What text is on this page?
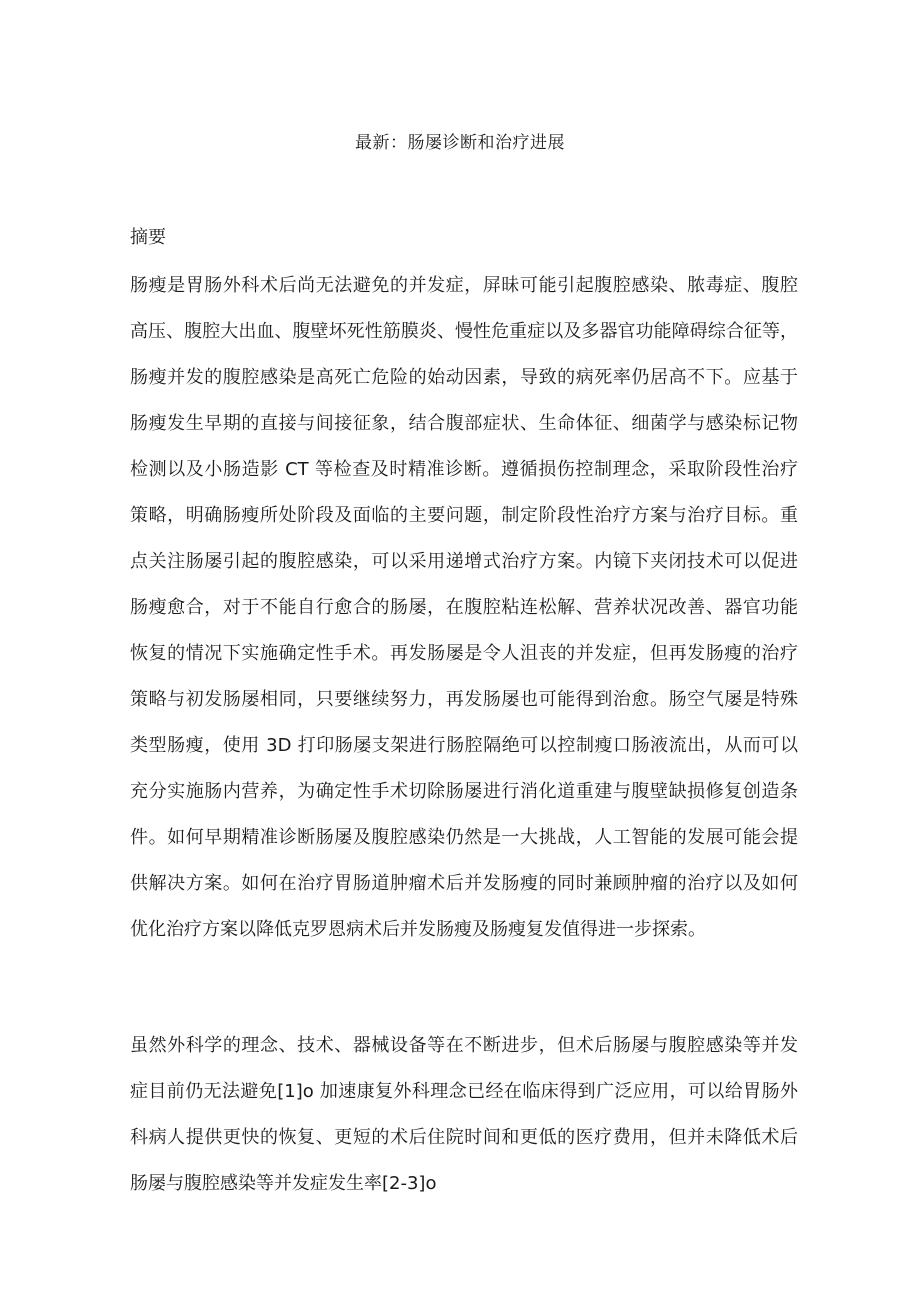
最新：肠屡诊断和治疗进展
摘要
肠瘦是胃肠外科术后尚无法避免的并发症，屏昧可能引起腹腔感染、脓毒症、腹腔
高压、腹腔大出血、腹壁坏死性筋膜炎、慢性危重症以及多器官功能障碍综合征等，
肠瘦并发的腹腔感染是高死亡危险的始动因素，导致的病死率仍居高不下。应基于
肠瘦发生早期的直接与间接征象，结合腹部症状、生命体征、细菌学与感染标记物
检测以及小肠造影 CT 等检查及时精准诊断。遵循损伤控制理念，采取阶段性治疗
策略，明确肠瘦所处阶段及面临的主要问题，制定阶段性治疗方案与治疗目标。重
点关注肠屡引起的腹腔感染，可以采用递增式治疗方案。内镜下夹闭技术可以促进
肠瘦愈合，对于不能自行愈合的肠屡，在腹腔粘连松解、营养状况改善、器官功能
恢复的情况下实施确定性手术。再发肠屡是令人沮丧的并发症，但再发肠瘦的治疗
策略与初发肠屡相同，只要继续努力，再发肠屡也可能得到治愈。肠空气屡是特殊
类型肠瘦，使用 3D 打印肠屡支架进行肠腔隔绝可以控制瘦口肠液流出，从而可以
充分实施肠内营养，为确定性手术切除肠屡进行消化道重建与腹壁缺损修复创造条
件。如何早期精准诊断肠屡及腹腔感染仍然是一大挑战，人工智能的发展可能会提
供解决方案。如何在治疗胃肠道肿瘤术后并发肠瘦的同时兼顾肿瘤的治疗以及如何
优化治疗方案以降低克罗恩病术后并发肠瘦及肠瘦复发值得进一步探索。
虽然外科学的理念、技术、器械设备等在不断进步，但术后肠屡与腹腔感染等并发
症目前仍无法避免[1]o 加速康复外科理念已经在临床得到广泛应用，可以给胃肠外
科病人提供更快的恢复、更短的术后住院时间和更低的医疗费用，但并未降低术后
肠屡与腹腔感染等并发症发生率[2-3]o
